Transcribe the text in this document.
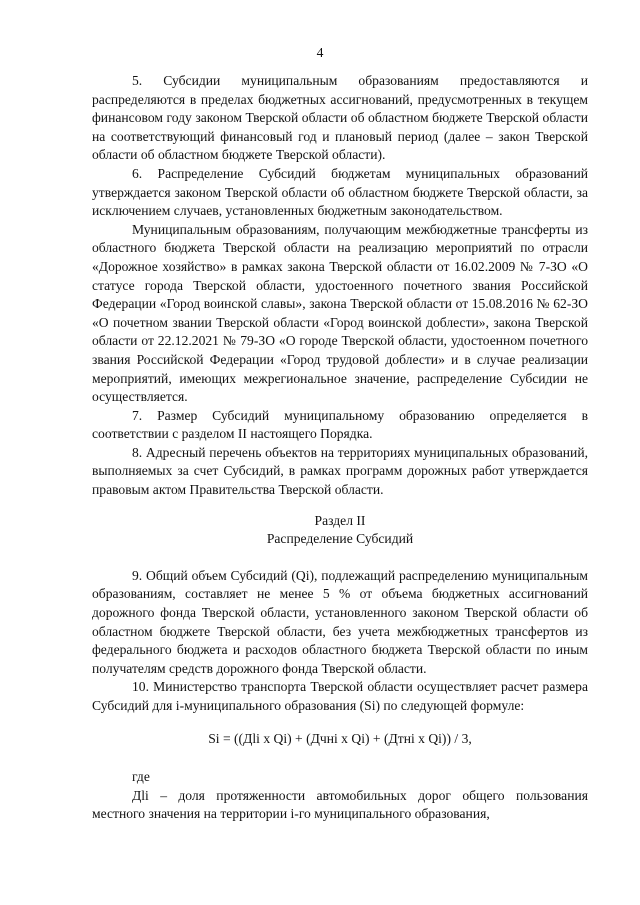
4

5. Субсидии муниципальным образованиям предоставляются и распределяются в пределах бюджетных ассигнований, предусмотренных в текущем финансовом году законом Тверской области об областном бюджете Тверской области на соответствующий финансовый год и плановый период (далее – закон Тверской области об областном бюджете Тверской области).

6. Распределение Субсидий бюджетам муниципальных образований утверждается законом Тверской области об областном бюджете Тверской области, за исключением случаев, установленных бюджетным законодательством.

Муниципальным образованиям, получающим межбюджетные трансферты из областного бюджета Тверской области на реализацию мероприятий по отрасли «Дорожное хозяйство» в рамках закона Тверской области от 16.02.2009 № 7-ЗО «О статусе города Тверской области, удостоенного почетного звания Российской Федерации «Город воинской славы», закона Тверской области от 15.08.2016 № 62-ЗО «О почетном звании Тверской области «Город воинской доблести», закона Тверской области от 22.12.2021 № 79-ЗО «О городе Тверской области, удостоенном почетного звания Российской Федерации «Город трудовой доблести» и в случае реализации мероприятий, имеющих межрегиональное значение, распределение Субсидии не осуществляется.

7. Размер Субсидий муниципальному образованию определяется в соответствии с разделом II настоящего Порядка.

8. Адресный перечень объектов на территориях муниципальных образований, выполняемых за счет Субсидий, в рамках программ дорожных работ утверждается правовым актом Правительства Тверской области.

Раздел II

Распределение Субсидий

9. Общий объем Субсидий (Qi), подлежащий распределению муниципальным образованиям, составляет не менее 5 % от объема бюджетных ассигнований дорожного фонда Тверской области, установленного законом Тверской области об областном бюджете Тверской области, без учета межбюджетных трансфертов из федерального бюджета и расходов областного бюджета Тверской области по иным получателям средств дорожного фонда Тверской области.

10. Министерство транспорта Тверской области осуществляет расчет размера Субсидий для i-муниципального образования (Si) по следующей формуле:

Si = ((Дli x Qi) + (Дчні x Qi) + (Дтні x Qi)) / 3,

где

Дli – доля протяженности автомобильных дорог общего пользования местного значения на территории i-го муниципального образования,
